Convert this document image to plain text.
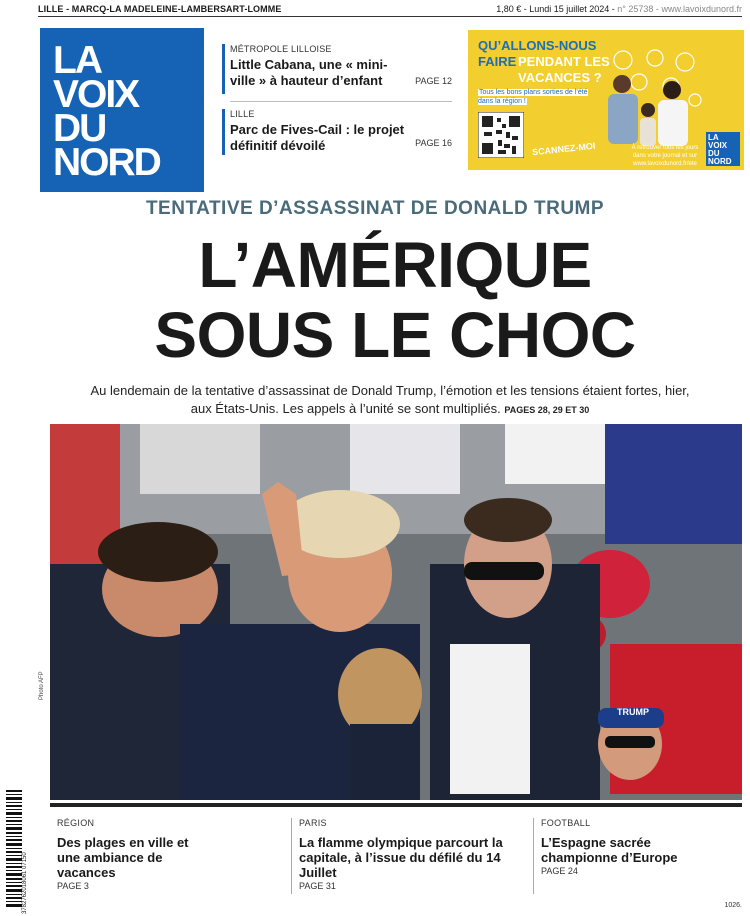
LILLE - MARCQ-LA MADELEINE-LAMBERSART-LOMME	1,80 € - Lundi 15 juillet 2024 - n° 25738 - www.lavoixdunord.fr
LA
VOIX
DU
NORD
MÉTROPOLE LILLOISE
Little Cabana, une « mini-ville » à hauteur d’enfant	PAGE 12
LILLE
Parc de Fives-Cail : le projet définitif dévoilé	PAGE 16
QU’ALLONS-NOUS
FAIRE PENDANT LES VACANCES ?
Tous les bons plans sorties de l’été dans la région !
SCANNEZ-MOI	À retrouver tous les jours dans votre journal et sur www.lavoixdunord.fr/ete
LA VOIX DU NORD
TENTATIVE D’ASSASSINAT DE DONALD TRUMP
L’AMÉRIQUE
SOUS LE CHOC
Au lendemain de la tentative d’assassinat de Donald Trump, l’émotion et les tensions étaient fortes, hier, aux États-Unis. Les appels à l’unité se sont multipliés. PAGES 28, 29 ET 30
TRUMP
Photo AFP
3782762018061 07150
RÉGION
Des plages en ville et une ambiance de vacances
PAGE 3
PARIS
La flamme olympique parcourt la capitale, à l’issue du défilé du 14 Juillet
PAGE 31
FOOTBALL
L’Espagne sacrée championne d’Europe
PAGE 24
1026.
